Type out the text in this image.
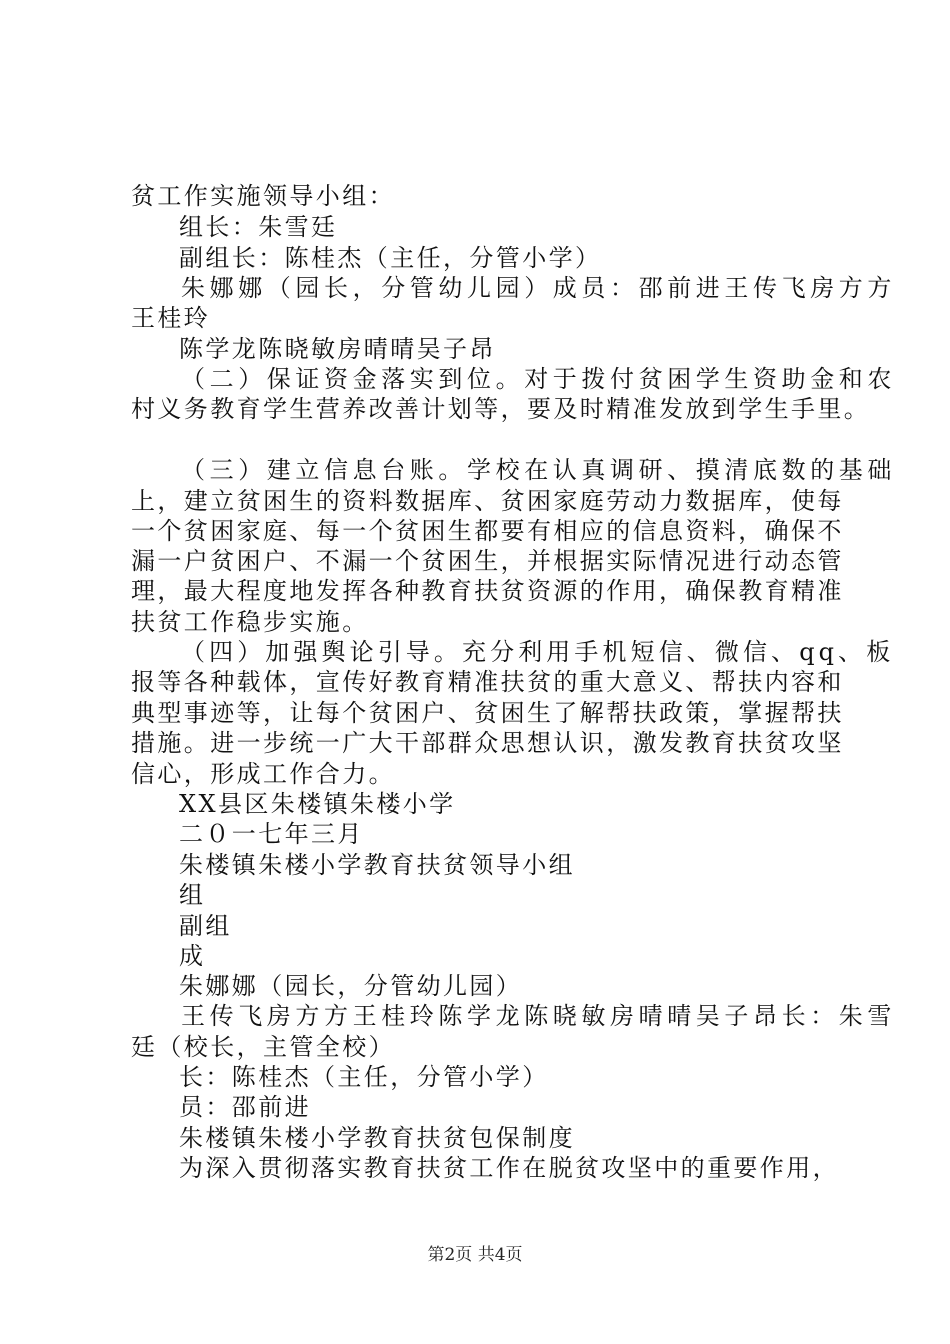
贫工作实施领导小组：
组长：朱雪廷
副组长：陈桂杰（主任，分管小学）
朱娜娜（园长，分管幼儿园）成员：邵前进王传飞房方方
王桂玲
陈学龙陈晓敏房晴晴吴子昂
（二）保证资金落实到位。对于拨付贫困学生资助金和农
村义务教育学生营养改善计划等，要及时精准发放到学生手里。
（三）建立信息台账。学校在认真调研、摸清底数的基础
上，建立贫困生的资料数据库、贫困家庭劳动力数据库，使每
一个贫困家庭、每一个贫困生都要有相应的信息资料，确保不
漏一户贫困户、不漏一个贫困生，并根据实际情况进行动态管
理，最大程度地发挥各种教育扶贫资源的作用，确保教育精准
扶贫工作稳步实施。
（四）加强舆论引导。充分利用手机短信、微信、qq、板
报等各种载体，宣传好教育精准扶贫的重大意义、帮扶内容和
典型事迹等，让每个贫困户、贫困生了解帮扶政策，掌握帮扶
措施。进一步统一广大干部群众思想认识，激发教育扶贫攻坚
信心，形成工作合力。
XX县区朱楼镇朱楼小学
二０一七年三月
朱楼镇朱楼小学教育扶贫领导小组
组
副组
成
朱娜娜（园长，分管幼儿园）
王传飞房方方王桂玲陈学龙陈晓敏房晴晴吴子昂长：朱雪
廷（校长，主管全校）
长：陈桂杰（主任，分管小学）
员：邵前进
朱楼镇朱楼小学教育扶贫包保制度
为深入贯彻落实教育扶贫工作在脱贫攻坚中的重要作用，
第2页 共4页
